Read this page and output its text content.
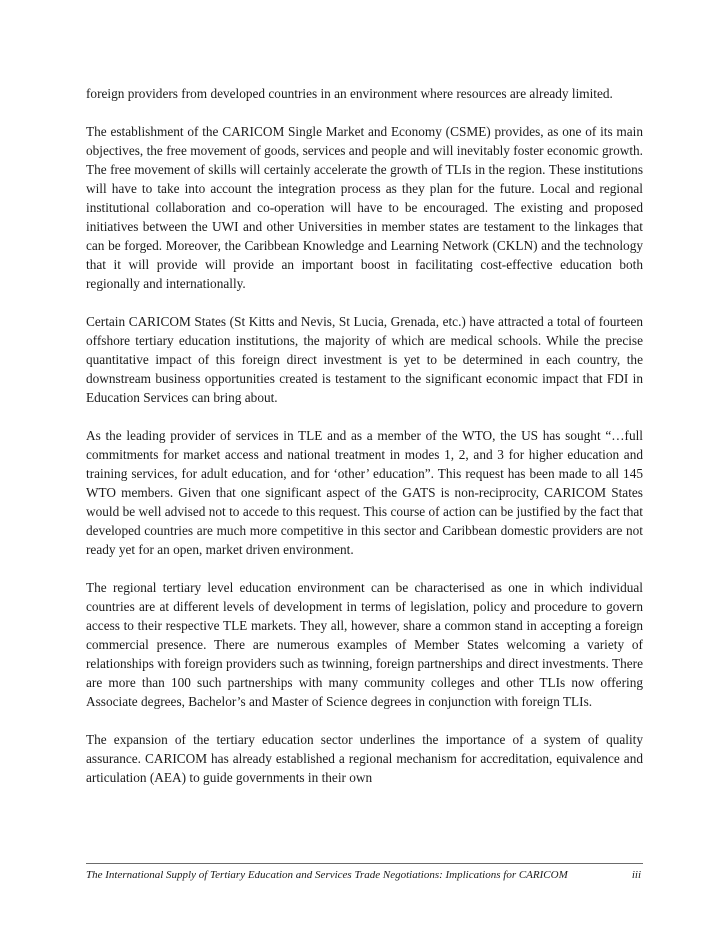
foreign providers from developed countries in an environment where resources are already limited.

The establishment of the CARICOM Single Market and Economy (CSME) provides, as one of its main objectives, the free movement of goods, services and people and will inevitably foster economic growth. The free movement of skills will certainly accelerate the growth of TLIs in the region. These institutions will have to take into account the integration process as they plan for the future. Local and regional institutional collaboration and co-operation will have to be encouraged. The existing and proposed initiatives between the UWI and other Universities in member states are testament to the linkages that can be forged. Moreover, the Caribbean Knowledge and Learning Network (CKLN) and the technology that it will provide will provide an important boost in facilitating cost-effective education both regionally and internationally.

Certain CARICOM States (St Kitts and Nevis, St Lucia, Grenada, etc.) have attracted a total of fourteen offshore tertiary education institutions, the majority of which are medical schools. While the precise quantitative impact of this foreign direct investment is yet to be determined in each country, the downstream business opportunities created is testament to the significant economic impact that FDI in Education Services can bring about.

As the leading provider of services in TLE and as a member of the WTO, the US has sought “…full commitments for market access and national treatment in modes 1, 2, and 3 for higher education and training services, for adult education, and for ‘other’ education”. This request has been made to all 145 WTO members. Given that one significant aspect of the GATS is non-reciprocity, CARICOM States would be well advised not to accede to this request. This course of action can be justified by the fact that developed countries are much more competitive in this sector and Caribbean domestic providers are not ready yet for an open, market driven environment.

The regional tertiary level education environment can be characterised as one in which individual countries are at different levels of development in terms of legislation, policy and procedure to govern access to their respective TLE markets. They all, however, share a common stand in accepting a foreign commercial presence. There are numerous examples of Member States welcoming a variety of relationships with foreign providers such as twinning, foreign partnerships and direct investments. There are more than 100 such partnerships with many community colleges and other TLIs now offering Associate degrees, Bachelor’s and Master of Science degrees in conjunction with foreign TLIs.

The expansion of the tertiary education sector underlines the importance of a system of quality assurance. CARICOM has already established a regional mechanism for accreditation, equivalence and articulation (AEA) to guide governments in their own

The International Supply of Tertiary Education and Services Trade Negotiations: Implications for CARICOM	iii
